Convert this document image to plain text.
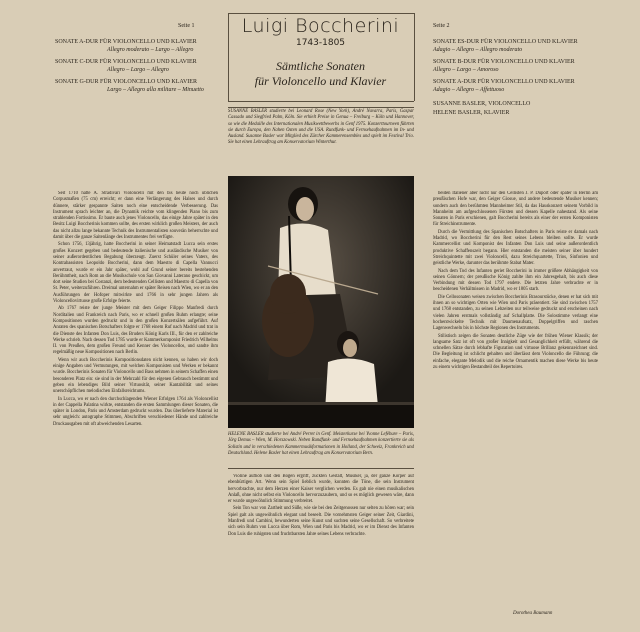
Seite 1	Seite 2
SONATE A-DUR FÜR VIOLONCELLO UND KLAVIER
Allegro moderato – Largo – Allegro
SONATE C-DUR FÜR VIOLONCELLO UND KLAVIER
Allegro – Largo – Allegro
SONATE G-DUR FÜR VIOLONCELLO UND KLAVIER
Largo – Allegro alla militare – Minuetto
SONATE ES-DUR FÜR VIOLONCELLO UND KLAVIER
Adagio – Allegro – Allegro moderato
SONATE B-DUR FÜR VIOLONCELLO UND KLAVIER
Allegro – Largo – Amoroso
SONATE A-DUR FÜR VIOLONCELLO UND KLAVIER
Adagio – Allegro – Affettuoso
SUSANNE BASLER, VIOLONCELLO
HELENE BASLER, KLAVIER
Luigi Boccherini
1743-1805
Sämtliche Sonaten
für Violoncello und Klavier
SUSANNE BASLER studierte bei Leonard Rose (New York), André Navarra, Paris, Gaspar Cassado und Siegfried Palm, Köln. Sie erhielt Preise in Genua – Freiburg – Köln und Hannover, so wie die Medaille des Internationalen Musikwettbewerbs in Genf 1975. Konzerttourneen führten sie durch Europa, den Nahen Osten und die USA. Rundfunk- und Fernsehaufnahmen im In- und Ausland. Susanne Basler war Mitglied des Zürcher Kammerensembles und spielt im Festival Trio. Sie hat einen Lehrauftrag am Konservatorium Winterthur.
HELENE BASLER studierte bei André Perret in Genf. Meisterkurse bei Yvonne Lefébure – Paris, Jörg Demus – Wien, M. Horszowski. Neben Rundfunk- und Fernsehaufnahmen konzertierte sie als Solistin und in verschiedenen Kammermusikformationen in Holland, der Schweiz, Frankreich und Deutschland. Helene Basler hat einen Lehrauftrag am Konservatorium Bern.

Seit 1710 hatte A. Stradivari Violoncelli mit den bis heute noch üblichen Corpusmaßen (75 cm) erreicht; er dann eine Verlängerung des Halses und durch dünnere, stärker gespannte Saiten noch eine entscheidende Verbesserung. Das Instrument sprach leichter an, die Dynamik reichte vom klingenden Piano bis zum strahlenden Fortissimo. Er baute auch jenes Violoncello, das einige Jahre später in den Besitz Luigi Boccherinis kommen sollte, des ersten wirklich großen Meisters, der auch das nicht allzu lange bekannte Technik des Instrumentalisten souverän beherrschte und damit über die ganze Saitenlänge des Instrumentes frei verfügte.

Schon 1756, 13jährig, hatte Boccherini in seiner Heimatstadt Lucca sein erstes großes Konzert gegeben und bedeutende italienische und ausländische Musiker von seiner außerordentlichen Begabung überzeugt. Zuerst Schüler seines Vaters, des Kontrabassisten Leopoldo Boccherini, dann dem Maestro di Capella Vannucci anvertraut, wurde er ein Jahr später, wohl auf Grund seiner bereits bestehenden Berühmtheit, nach Rom an die Musikschule von San Giovanni Laterano geschickt, um dort seine Studien bei Costanzi, dem bedeutenden Cellisten und Maestro di Capella von St. Peter, weiterzuführen. Dreimal unternahm er später Reisen nach Wien, wo er an den Ausführungen der Hofoper mitwirkte und 1766 in sehr jungen Jahren als Violoncellovirtuose große Erfolge feierte.

Ab 1767 reiste der junge Meister mit dem Geiger Filippo Manfredi durch Norditalien und Frankreich nach Paris, wo er schnell großen Ruhm erlangte; seine Kompositionen wurden gedruckt und in den großen Konzertsälen aufgeführt. Auf Anraten des spanischen Botschafters folgte er 1768 einem Ruf nach Madrid und trat in die Dienste des Infanten Don Luis, des Bruders König Karls III., für den er zahlreiche Werke schrieb. Nach dessen Tod 1785 wurde er Kammerkomponist Friedrich Wilhelms II. von Preußen, dem großen Freund und Kenner des Violoncellos, und sandte ihm regelmäßig neue Kompositionen nach Berlin.

Wenn wir auch Boccherinis Kompositionsdaten nicht kennen, so haben wir doch einige Angaben und Vermutungen, mit welchen Komponisten und Werken er bekannt wurde. Boccherinis Sonaten für Violoncello und Bass nehmen in seinem Schaffen einen besonderen Platz ein: sie sind in der Mehrzahl für den eigenen Gebrauch bestimmt und geben ein lebendiges Bild seiner Virtuosität, seiner Kantabilität und seines unerschöpflichen melodischen Einfallsreichtums.

In Lucca, wo er nach den durchschlagenden Wiener Erfolgen 1764 als Violoncellist in der Cappella Palatina wirkte, entstanden die ersten Sammlungen dieser Sonaten, die später in London, Paris und Amsterdam gedruckt wurden. Das überlieferte Material ist sehr ungleich: autographe Stimmen, Abschriften verschiedener Hände und zahlreiche Druckausgaben mit oft abweichenden Lesarten.

Violine aufhob und den Bogen ergriff, zuckten Gestalt, Musiker, ja, der ganze Körper auf ebenbürtigen Art. Wenn sein Spiel lieblich wurde, konnten die Töne, die sein Instrument hervorbrachte, nur dem Herzen einer Kaiser verglichen werden. Es gab nie einen musikalischen Anlaß, ohne nicht selbst ein Violoncello hervorzuzaubern, und so es möglich gewesen wäre, dann er wurde ungewöhnlich Stimmung verbreitet.

Sein Ton war von Zartheit und Süße, wie sie bei den Zeitgenossen nur selten zu hören war; sein Spiel galt als ungewöhnlich elegant und beseelt. Die vornehmsten Geiger seiner Zeit, Giardini, Manfredi und Cambini, bewunderten seine Kunst und suchten seine Gesellschaft. So verbreitete sich sein Ruhm von Lucca über Rom, Wien und Paris bis Madrid, wo er im Dienst des Infanten Don Luis die ruhigsten und fruchtbarsten Jahre seines Lebens verbrachte.

beiden Italiener aber nicht nur den Cellisten J. P. Duport oder später in Berlin am preußischen Hofe war, den Geiger Giosue, und andere bedeutende Musiker kennen; sondern auch den berühmten Mannheimer Stil, da das Hauskonzert seinem Vorbild in Mannheim am aufgeschlossenen Fürsten und dessen Kapelle nahestand. Als seine Sonaten in Paris erschienen, galt Boccherini bereits als einer der ersten Komponisten für Streichinstrumente.

Durch die Vermittlung des Spanischen Botschafters in Paris reiste er damals nach Madrid, wo Boccherini für den Rest seines Lebens bleiben sollte. Er wurde Kammercellist und Komponist des Infanten Don Luis und seine außerordentlich produktive Schaffenszeit begann. Hier entstanden die meisten seiner über hundert Streichquintette mit zwei Violoncelli, dazu Streichquartette, Trios, Sinfonien und geistliche Werke, darunter das berühmte Stabat Mater.

Nach dem Tod des Infanten geriet Boccherini in immer größere Abhängigkeit von seinen Gönnern; der preußische König zahlte ihm ein Jahresgehalt, bis auch diese Verbindung mit dessen Tod 1797 endete. Die letzten Jahre verbrachte er in bescheidenen Verhältnissen in Madrid, wo er 1805 starb.

Die Cellosonaten weisen zwischen Boccherinis Brasourstücke, denen er hat sich mit ihnen an so wichtigen Orten wie Wien und Paris präsentiert. Sie sind zwischen 1757 und 1768 entstanden, zu seinen Lebzeiten nur teilweise gedruckt und erscheinen nach vielen Jahren erstmals vollständig auf Schallplatte. Die Solostimme verlangt eine hochentwickelte Technik mit Daumenaufsatz, Doppelgriffen und raschen Lagenwechseln bis in höchste Regionen des Instruments.

Stilistisch zeigen die Sonaten deutliche Züge wie der frühen Wiener Klassik; der langsame Satz ist oft von großer Innigkeit und Gesanglichkeit erfüllt, während die schnellen Sätze durch lebhafte Figuration und virtuose Brillanz gekennzeichnet sind. Die Begleitung ist schlicht gehalten und überlässt dem Violoncello die Führung; die einfache, elegante Melodik und die reiche Ornamentik machen diese Werke bis heute zu einem wichtigen Bestandteil des Repertoires.

Dorothea Baumann
